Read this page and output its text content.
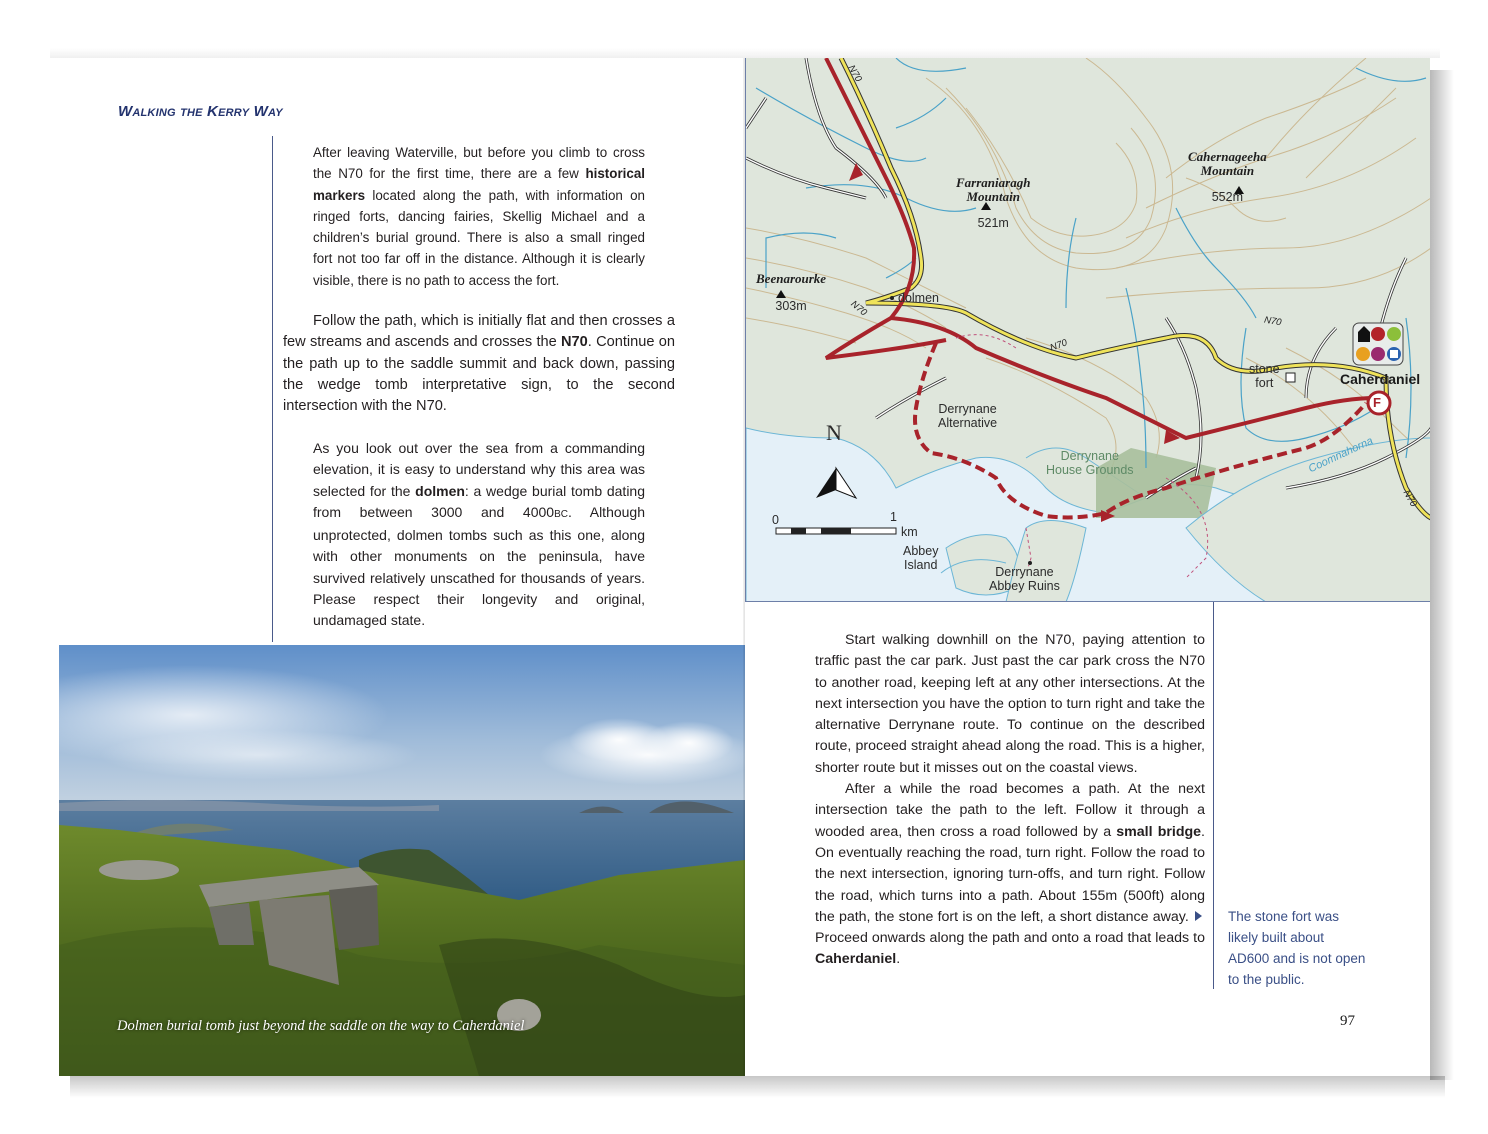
Walking the Kerry Way

After leaving Waterville, but before you climb to cross the N70 for the first time, there are a few historical markers located along the path, with information on ringed forts, dancing fairies, Skellig Michael and a children’s burial ground. There is also a small ringed fort not too far off in the distance. Although it is clearly visible, there is no path to access the fort.

Follow the path, which is initially flat and then crosses a few streams and ascends and crosses the N70. Continue on the path up to the saddle summit and back down, passing the wedge tomb interpretative sign, to the second intersection with the N70.

As you look out over the sea from a commanding elevation, it is easy to understand why this area was selected for the dolmen: a wedge burial tomb dating from between 3000 and 4000BC. Although unprotected, dolmen tombs such as this one, along with other monuments on the peninsula, have survived relatively unscathed for thousands of years. Please respect their longevity and original, undamaged state.

Dolmen burial tomb just beyond the saddle on the way to Caherdaniel
Farraniaragh
Mountain
521m
Cahernageeha
Mountain
552m
Beenarourke
303m
dolmen
stone
fort	Caherdaniel
Derrynane
Alternative
Derrynane
House Grounds
Abbey
Island	Derrynane
Abbey Ruins
Coomnahorna
N70
N70
N70
N70
N70
N
0	1
km
F

Start walking downhill on the N70, paying attention to traffic past the car park. Just past the car park cross the N70 to another road, keeping left at any other intersections. At the next intersection you have the option to turn right and take the alternative Derrynane route. To continue on the described route, proceed straight ahead along the road. This is a higher, shorter route but it misses out on the coastal views.

After a while the road becomes a path. At the next intersection take the path to the left. Follow it through a wooded area, then cross a road followed by a small bridge. On eventually reaching the road, turn right. Follow the road to the next intersection, ignoring turn-offs, and turn right. Follow the road, which turns into a path. About 155m (500ft) along the path, the stone fort is on the left, a short distance away.  Proceed onwards along the path and onto a road that leads to Caherdaniel.

The stone fort was likely built about AD600 and is not open to the public.
97
